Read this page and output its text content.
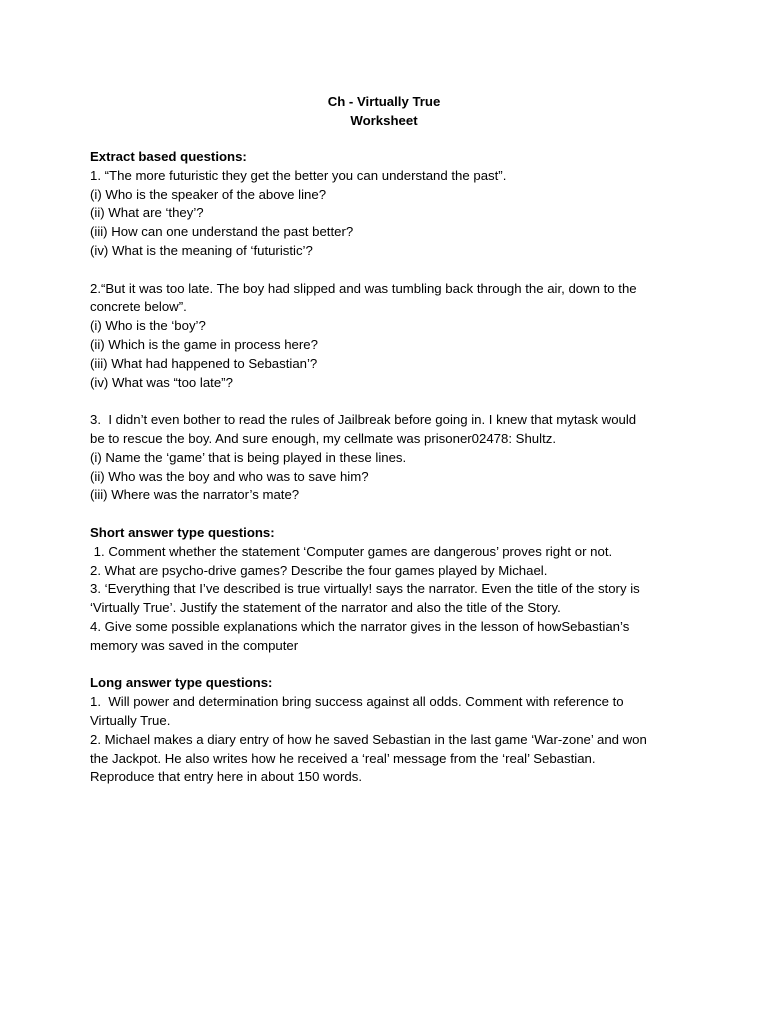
Ch - Virtually True
Worksheet
Extract based questions:
1. “The more futuristic they get the better you can understand the past”.
(i) Who is the speaker of the above line?
(ii) What are ‘they’?
(iii) How can one understand the past better?
(iv) What is the meaning of ‘futuristic’?
2.“But it was too late. The boy had slipped and was tumbling back through the air, down to the
concrete below”.
(i) Who is the ‘boy’?
(ii) Which is the game in process here?
(iii) What had happened to Sebastian’?
(iv) What was “too late”?
3.  I didn’t even bother to read the rules of Jailbreak before going in. I knew that mytask would
be to rescue the boy. And sure enough, my cellmate was prisoner02478: Shultz.
(i) Name the ‘game’ that is being played in these lines.
(ii) Who was the boy and who was to save him?
(iii) Where was the narrator’s mate?
Short answer type questions:
1. Comment whether the statement ‘Computer games are dangerous’ proves right or not.
2. What are psycho-drive games? Describe the four games played by Michael.
3. ‘Everything that I’ve described is true virtually! says the narrator. Even the title of the story is
‘Virtually True’. Justify the statement of the narrator and also the title of the Story.
4. Give some possible explanations which the narrator gives in the lesson of howSebastian’s
memory was saved in the computer
Long answer type questions:
1.  Will power and determination bring success against all odds. Comment with reference to
Virtually True.
2. Michael makes a diary entry of how he saved Sebastian in the last game ‘War-zone’ and won
the Jackpot. He also writes how he received a ‘real’ message from the ‘real’ Sebastian.
Reproduce that entry here in about 150 words.
